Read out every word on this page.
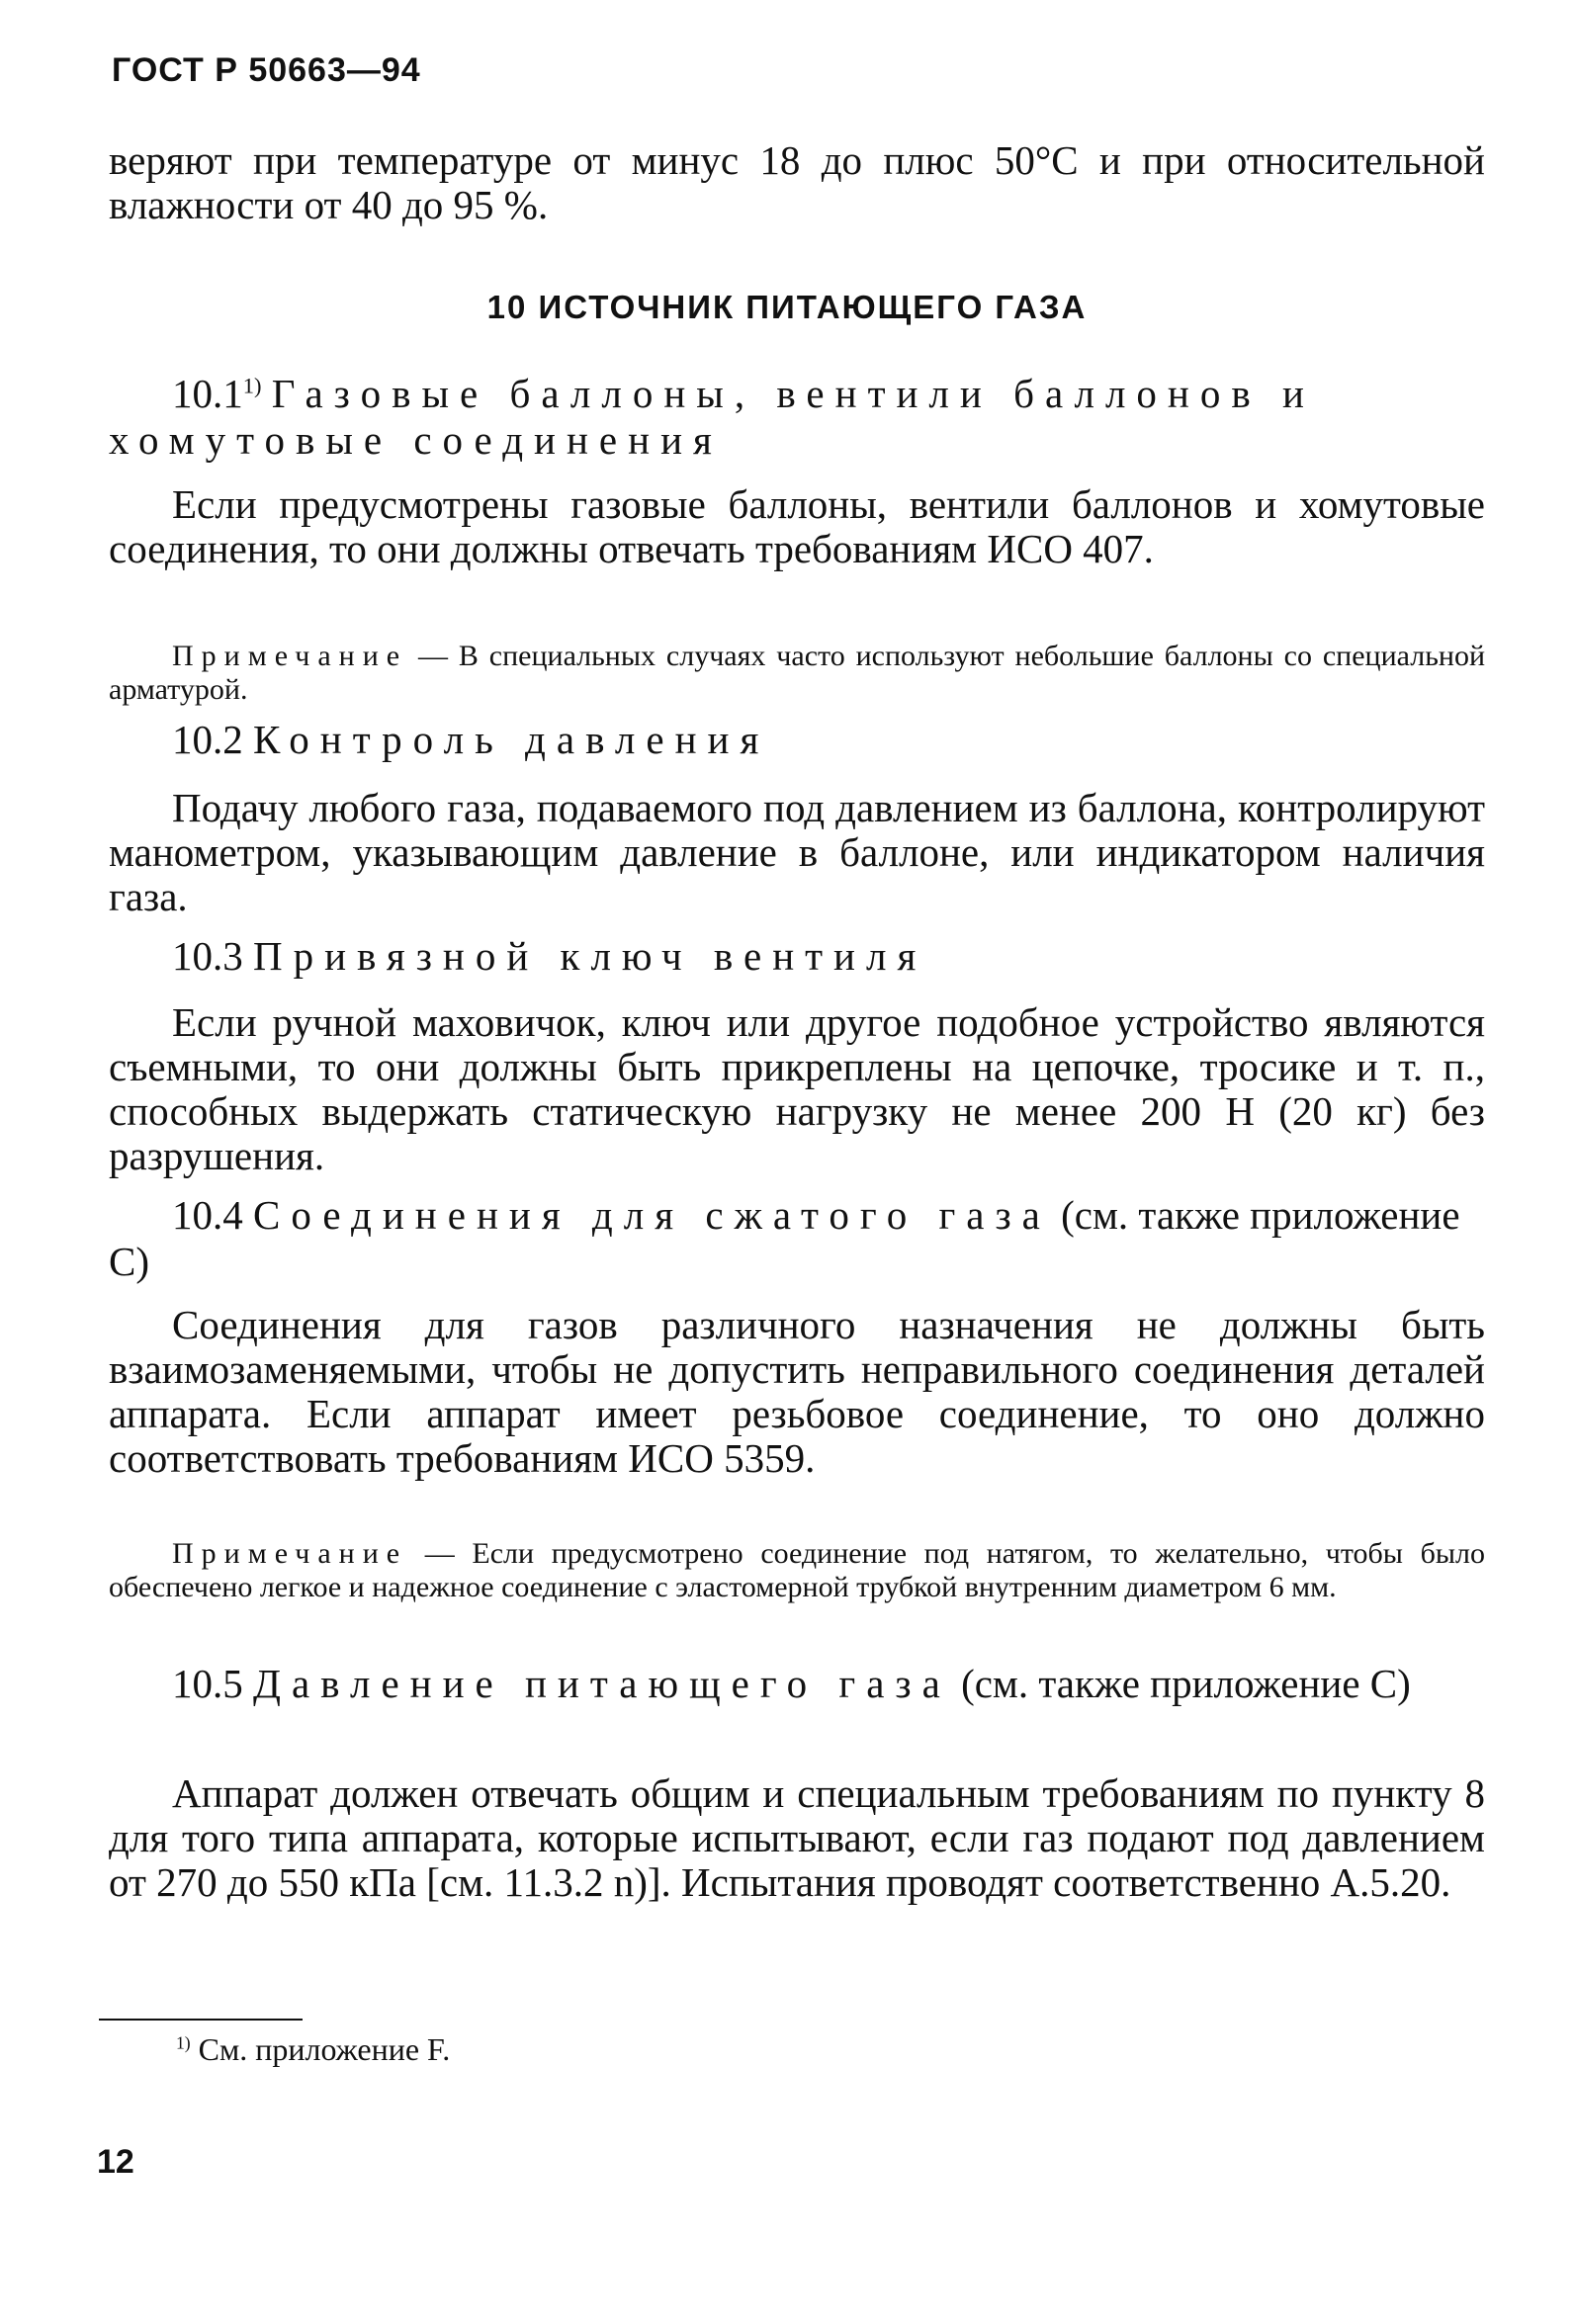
ГОСТ Р 50663—94

веряют при температуре от минус 18 до плюс 50°С и при относительной влажности от 40 до 95 %.

10 ИСТОЧНИК ПИТАЮЩЕГО ГАЗА

10.1$^{1)}$ Газовые баллоны, вентили баллонов и хомутовые соединения

Если предусмотрены газовые баллоны, вентили баллонов и хомутовые соединения, то они должны отвечать требованиям ИСО 407.

Примечание — В специальных случаях часто используют небольшие баллоны со специальной арматурой.

10.2 Контроль давления

Подачу любого газа, подаваемого под давлением из баллона, контролируют манометром, указывающим давление в баллоне, или индикатором наличия газа.

10.3 Привязной ключ вентиля

Если ручной маховичок, ключ или другое подобное устройство являются съемными, то они должны быть прикреплены на цепочке, тросике и т. п., способных выдержать статическую нагрузку не менее 200 Н (20 кг) без разрушения.

10.4 Соединения для сжатого газа (см. также приложение С)

Соединения для газов различного назначения не должны быть взаимозаменяемыми, чтобы не допустить неправильного соединения деталей аппарата. Если аппарат имеет резьбовое соединение, то оно должно соответствовать требованиям ИСО 5359.

Примечание — Если предусмотрено соединение под натягом, то желательно, чтобы было обеспечено легкое и надежное соединение с эластомерной трубкой внутренним диаметром 6 мм.

10.5 Давление питающего газа (см. также приложение С)

Аппарат должен отвечать общим и специальным требованиям по пункту 8 для того типа аппарата, которые испытывают, если газ подают под давлением от 270 до 550 кПа [см. 11.3.2 n)]. Испытания проводят соответственно А.5.20.

$^{1)}$ См. приложение F.
12
